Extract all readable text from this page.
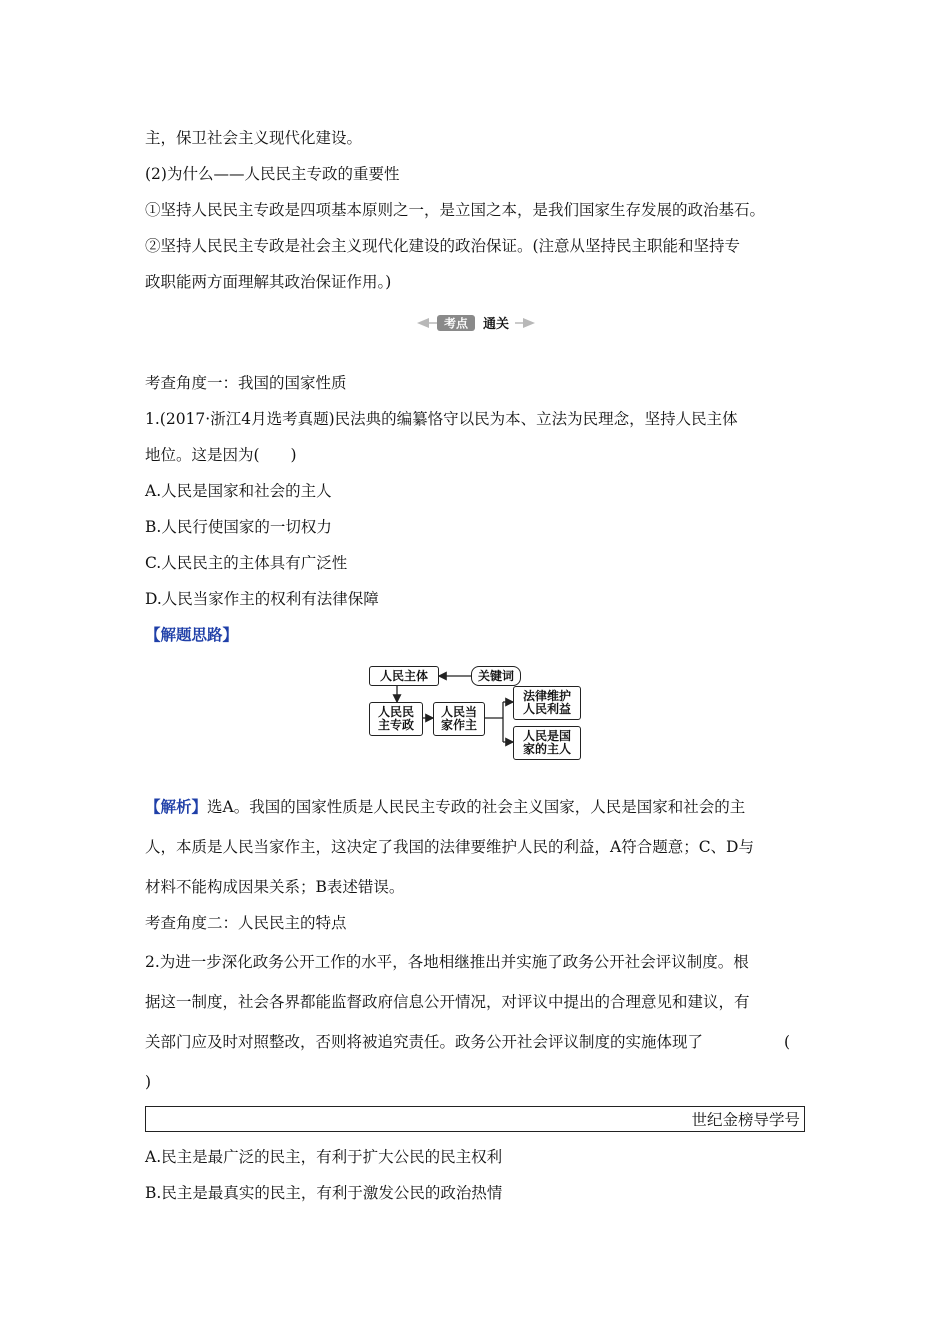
主，保卫社会主义现代化建设。
(2)为什么——人民民主专政的重要性
①坚持人民民主专政是四项基本原则之一，是立国之本，是我们国家生存发展的政治基石。
②坚持人民民主专政是社会主义现代化建设的政治保证。(注意从坚持民主职能和坚持专
政职能两方面理解其政治保证作用。)
考点 通关
考查角度一：我国的国家性质
1.(2017·浙江4月选考真题)民法典的编纂恪守以民为本、立法为民理念，坚持人民主体
地位。这是因为(　　)
A.人民是国家和社会的主人
B.人民行使国家的一切权力
C.人民民主的主体具有广泛性
D.人民当家作主的权利有法律保障
【解题思路】
人民主体	关键词
人民民
主专政
人民当
家作主
法律维护
人民利益
人民是国
家的主人
【解析】选A。我国的国家性质是人民民主专政的社会主义国家，人民是国家和社会的主
人，本质是人民当家作主，这决定了我国的法律要维护人民的利益，A符合题意；C、D与
材料不能构成因果关系；B表述错误。
考查角度二：人民民主的特点
2.为进一步深化政务公开工作的水平，各地相继推出并实施了政务公开社会评议制度。根
据这一制度，社会各界都能监督政府信息公开情况，对评议中提出的合理意见和建议，有
关部门应及时对照整改，否则将被追究责任。政务公开社会评议制度的实施体现了	(
)
世纪金榜导学号
A.民主是最广泛的民主，有利于扩大公民的民主权利
B.民主是最真实的民主，有利于激发公民的政治热情
